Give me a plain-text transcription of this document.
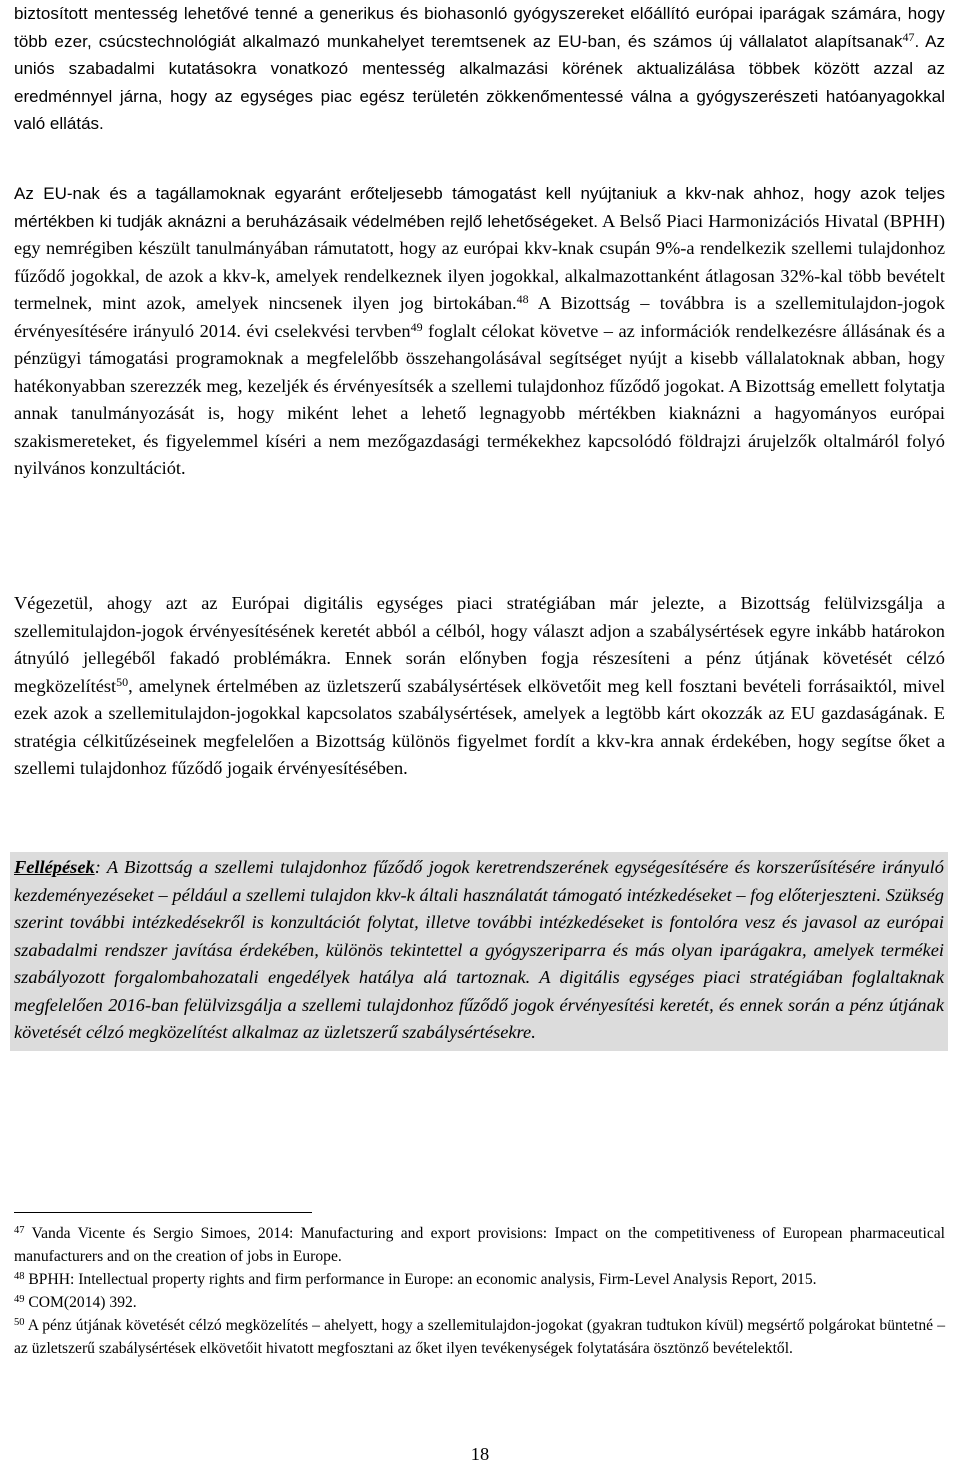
biztosított mentesség lehetővé tenné a generikus és biohasonló gyógyszereket előállító európai iparágak számára, hogy több ezer, csúcstechnológiát alkalmazó munkahelyet teremtsenek az EU-ban, és számos új vállalatot alapítsanak$^{47}$. Az uniós szabadalmi kutatásokra vonatkozó mentesség alkalmazási körének aktualizálása többek között azzal az eredménnyel járna, hogy az egységes piac egész területén zökkenőmentessé válna a gyógyszerészeti hatóanyagokkal való ellátás.

Az EU-nak és a tagállamoknak egyaránt erőteljesebb támogatást kell nyújtaniuk a kkv-nak ahhoz, hogy azok teljes mértékben ki tudják aknázni a beruházásaik védelmében rejlő lehetőségeket. A Belső Piaci Harmonizációs Hivatal (BPHH) egy nemrégiben készült tanulmányában rámutatott, hogy az európai kkv-knak csupán 9%-a rendelkezik szellemi tulajdonhoz fűződő jogokkal, de azok a kkv-k, amelyek rendelkeznek ilyen jogokkal, alkalmazottanként átlagosan 32%-kal több bevételt termelnek, mint azok, amelyek nincsenek ilyen jog birtokában.$^{48}$ A Bizottság – továbbra is a szellemitulajdon-jogok érvényesítésére irányuló 2014. évi cselekvési tervben$^{49}$ foglalt célokat követve – az információk rendelkezésre állásának és a pénzügyi támogatási programoknak a megfelelőbb összehangolásával segítséget nyújt a kisebb vállalatoknak abban, hogy hatékonyabban szerezzék meg, kezeljék és érvényesítsék a szellemi tulajdonhoz fűződő jogokat. A Bizottság emellett folytatja annak tanulmányozását is, hogy miként lehet a lehető legnagyobb mértékben kiaknázni a hagyományos európai szakismereteket, és figyelemmel kíséri a nem mezőgazdasági termékekhez kapcsolódó földrajzi árujelzők oltalmáról folyó nyilvános konzultációt.

Végezetül, ahogy azt az Európai digitális egységes piaci stratégiában már jelezte, a Bizottság felülvizsgálja a szellemitulajdon-jogok érvényesítésének keretét abból a célból, hogy választ adjon a szabálysértések egyre inkább határokon átnyúló jellegéből fakadó problémákra. Ennek során előnyben fogja részesíteni a pénz útjának követését célzó megközelítést$^{50}$, amelynek értelmében az üzletszerű szabálysértések elkövetőit meg kell fosztani bevételi forrásaiktól, mivel ezek azok a szellemitulajdon-jogokkal kapcsolatos szabálysértések, amelyek a legtöbb kárt okozzák az EU gazdaságának. E stratégia célkitűzéseinek megfelelően a Bizottság különös figyelmet fordít a kkv-kra annak érdekében, hogy segítse őket a szellemi tulajdonhoz fűződő jogaik érvényesítésében.

Fellépések: A Bizottság a szellemi tulajdonhoz fűződő jogok keretrendszerének egységesítésére és korszerűsítésére irányuló kezdeményezéseket – például a szellemi tulajdon kkv-k általi használatát támogató intézkedéseket – fog előterjeszteni. Szükség szerint további intézkedésekről is konzultációt folytat, illetve további intézkedéseket is fontolóra vesz és javasol az európai szabadalmi rendszer javítása érdekében, különös tekintettel a gyógyszeriparra és más olyan iparágakra, amelyek termékei szabályozott forgalombahozatali engedélyek hatálya alá tartoznak. A digitális egységes piaci stratégiában foglaltaknak megfelelően 2016-ban felülvizsgálja a szellemi tulajdonhoz fűződő jogok érvényesítési keretét, és ennek során a pénz útjának követését célzó megközelítést alkalmaz az üzletszerű szabálysértésekre.

$^{47}$ Vanda Vicente és Sergio Simoes, 2014: Manufacturing and export provisions: Impact on the competitiveness of European pharmaceutical manufacturers and on the creation of jobs in Europe.

$^{48}$ BPHH: Intellectual property rights and firm performance in Europe: an economic analysis, Firm-Level Analysis Report, 2015.

$^{49}$ COM(2014) 392.

$^{50}$ A pénz útjának követését célzó megközelítés – ahelyett, hogy a szellemitulajdon-jogokat (gyakran tudtukon kívül) megsértő polgárokat büntetné – az üzletszerű szabálysértések elkövetőit hivatott megfosztani az őket ilyen tevékenységek folytatására ösztönző bevételektől.

18
